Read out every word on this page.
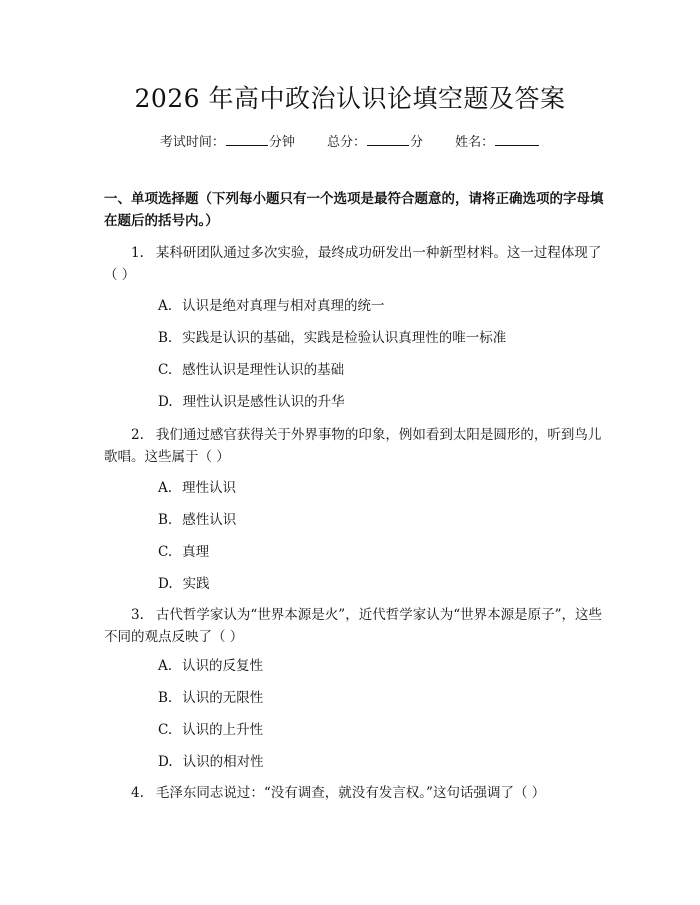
2026 年高中政治认识论填空题及答案
考试时间：	分钟 总分：	分 姓名：
一、单项选择题（下列每小题只有一个选项是最符合题意的，请将正确选项的字母填在题后的括号内。）
1. 某科研团队通过多次实验，最终成功研发出一种新型材料。这一过程体现了（ ）
A. 认识是绝对真理与相对真理的统一
B. 实践是认识的基础，实践是检验认识真理性的唯一标准
C. 感性认识是理性认识的基础
D. 理性认识是感性认识的升华
2. 我们通过感官获得关于外界事物的印象，例如看到太阳是圆形的，听到鸟儿歌唱。这些属于（ ）
A. 理性认识
B. 感性认识
C. 真理
D. 实践
3. 古代哲学家认为“世界本源是火”，近代哲学家认为“世界本源是原子”，这些不同的观点反映了（ ）
A. 认识的反复性
B. 认识的无限性
C. 认识的上升性
D. 认识的相对性
4. 毛泽东同志说过：“没有调查，就没有发言权。”这句话强调了（ ）
